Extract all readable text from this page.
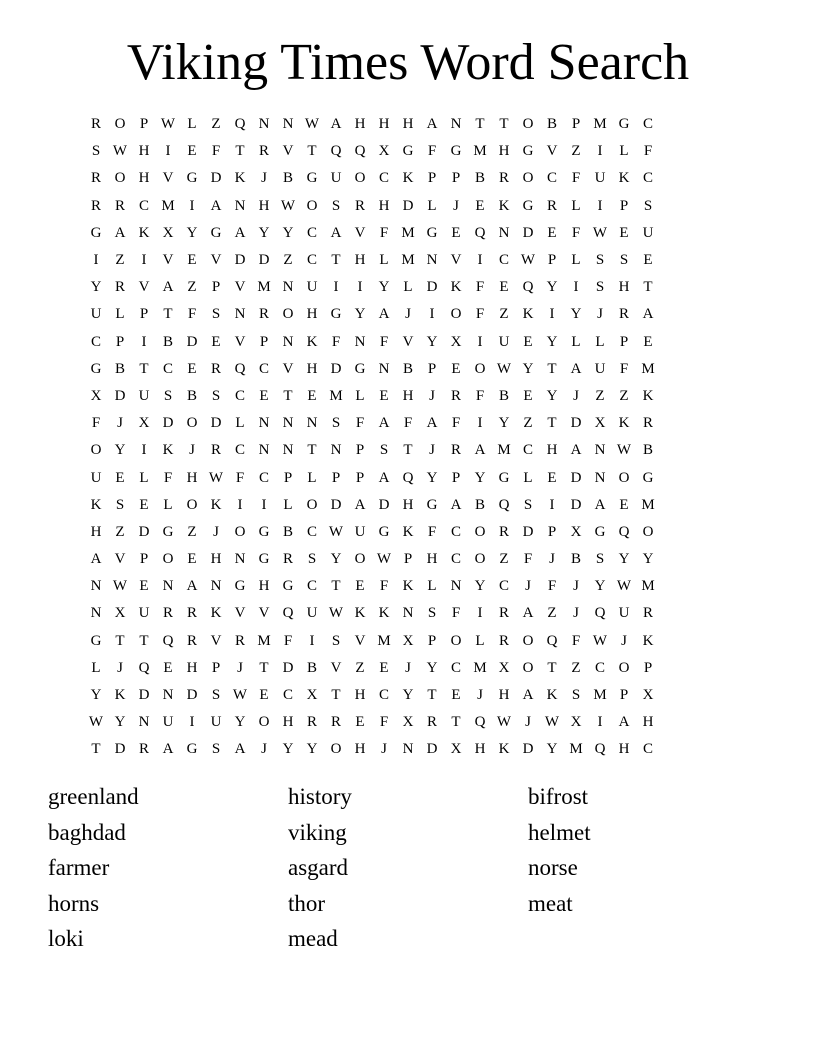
Viking Times Word Search
R O P W L Z Q N N W A H H H A N T T O B P M G C
S W H	I	E	F	T R V T Q Q X G F G M H G V Z	I	L	F
R O H V G D K	J	B G U O C K P	P B R O C F U K C
R R C M I	A N H W O S R H D L	J	E K G R L	I	P	S
G A K X Y G A Y Y C A V F M G E Q N D E	F W E U
I	Z	I	V E V D D Z C T H L M N V	I	C W P	L	S	S	E
Y R V A Z	P V M N U	I	I	Y L D K F	E Q Y	I	S H T
U L	P	T	F	S N R O H G Y A	J	I	O F	Z K	I	Y	J	R A
C P	I	B D E V P N K F N F V Y X	I	U E Y L L	P	E
G B T C E R Q C V H D G N B P	E O W Y T A U F M
X D U S B S C E T E M L E H	J	R F B E Y	J	Z Z K
F	J	X D O D L N N N S	F A F A F	I	Y Z T D X K R
O Y	I	K	J	R C N N T N P	S	T	J	R A M C H A N W B
U E L	F H W F C P	L	P	P A Q Y P Y G L E D N O G
K S	E L O K	I	I	L O D A D H G A B Q S	I	D A E M
H Z D G Z	J	O G B C W U G K F C O R D P X G Q O
A V P O E H N G R S Y O W P H C O Z	F	J	B S Y Y
N W E N A N G H G C T E	F K L N Y C	J	F	J	Y W M
N X U R R K V V Q U W K K N S	F	I	R A Z	J	Q U R
G T T Q R V R M F	I	S V M X P O L R O Q F W J	K
L	J	Q E H P	J	T D B V Z E	J	Y C M X O T Z C O P
Y K D N D S W E C X T H C Y T E	J	H A K S M P X
W Y N U	I	U Y O H R R E	F X R T Q W J W X	I	A H
T D R A G S A	J	Y Y O H	J	N D X H K D Y M Q H C
greenland	history	bifrost
baghdad	viking	helmet
farmer	asgard	norse
horns	thor	meat
loki	mead
